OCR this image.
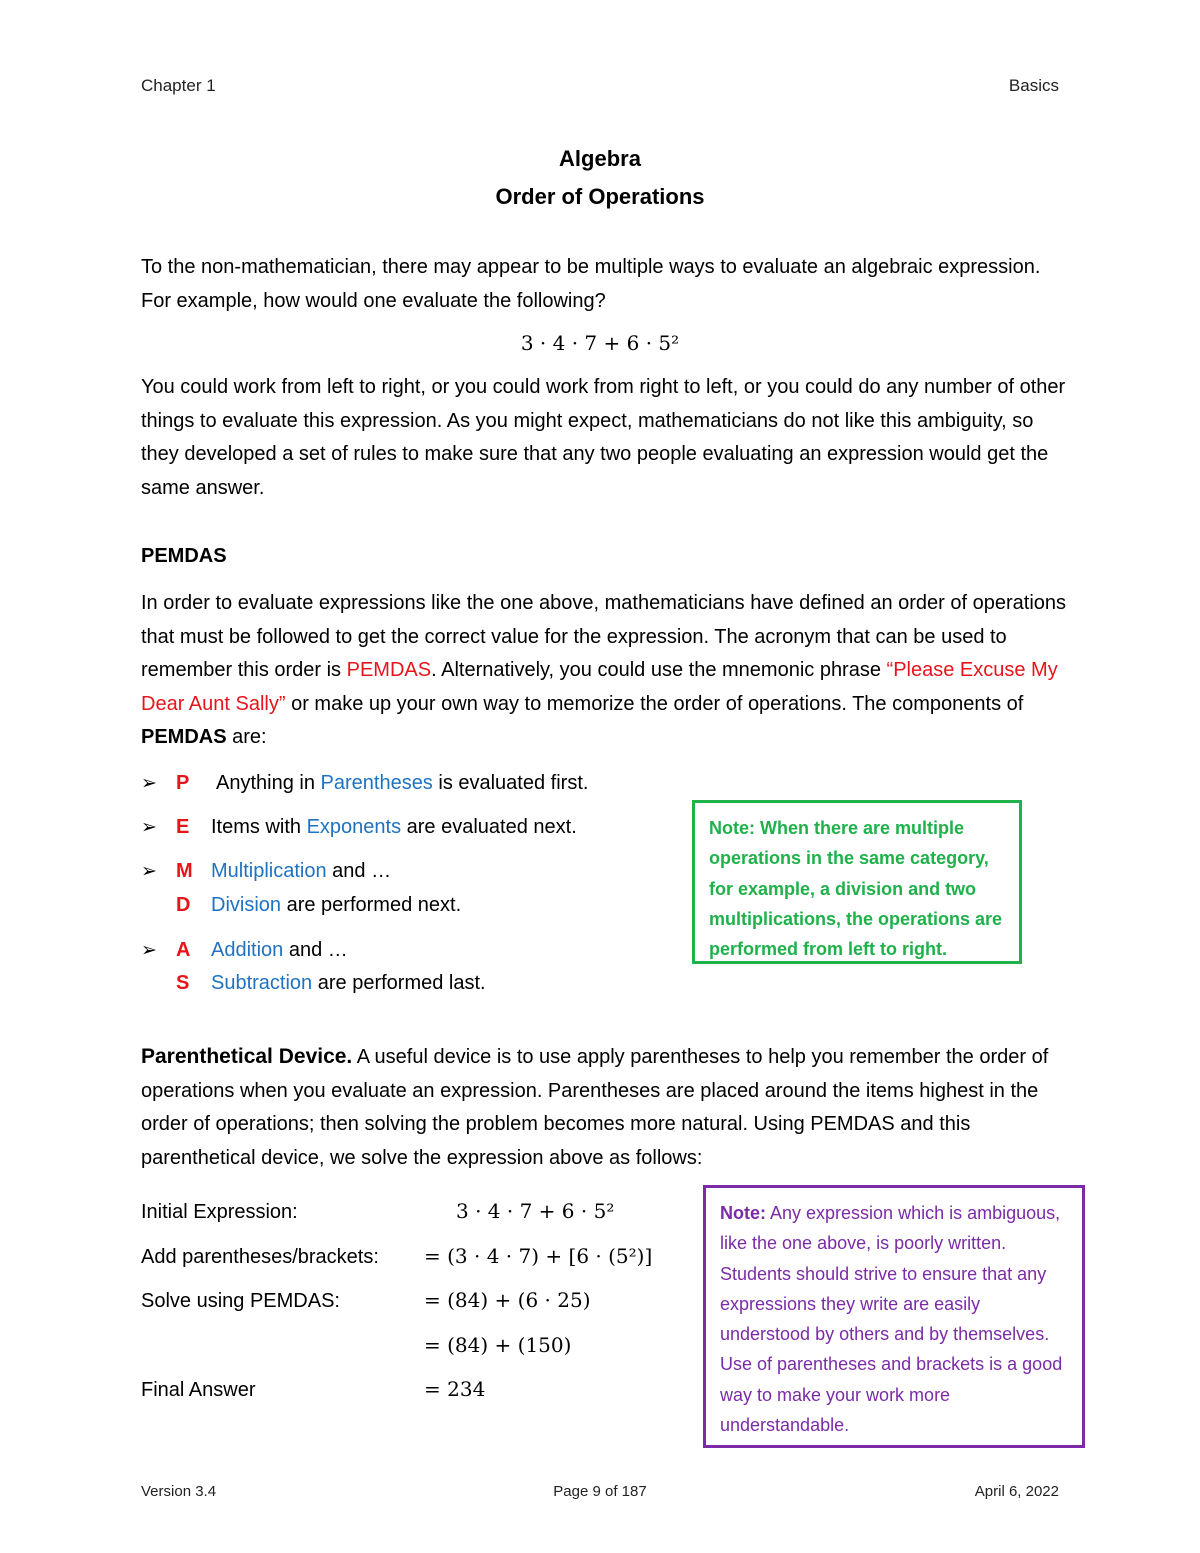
Chapter 1	Basics
Algebra
Order of Operations

To the non-mathematician, there may appear to be multiple ways to evaluate an algebraic expression. For example, how would one evaluate the following?

3 · 4 · 7 + 6 · 5²

You could work from left to right, or you could work from right to left, or you could do any number of other things to evaluate this expression. As you might expect, mathematicians do not like this ambiguity, so they developed a set of rules to make sure that any two people evaluating an expression would get the same answer.

PEMDAS

In order to evaluate expressions like the one above, mathematicians have defined an order of operations that must be followed to get the correct value for the expression. The acronym that can be used to remember this order is PEMDAS. Alternatively, you could use the mnemonic phrase “Please Excuse My Dear Aunt Sally” or make up your own way to memorize the order of operations. The components of PEMDAS are:

➢ P Anything in Parentheses is evaluated first.
➢ E Items with Exponents are evaluated next.
➢ M Multiplication and …
D Division are performed next.
➢ A Addition and …
S Subtraction are performed last.
Note: When there are multiple operations in the same category, for example, a division and two multiplications, the operations are performed from left to right.

Parenthetical Device. A useful device is to use apply parentheses to help you remember the order of operations when you evaluate an expression. Parentheses are placed around the items highest in the order of operations; then solving the problem becomes more natural. Using PEMDAS and this parenthetical device, we solve the expression above as follows:

Initial Expression:	3 · 4 · 7 + 6 · 5²
Add parentheses/brackets: = (3 · 4 · 7) + [6 · (5²)]
Solve using PEMDAS:	= (84) + (6 · 25)
= (84) + (150)
Final Answer	= 234
Note: Any expression which is ambiguous, like the one above, is poorly written. Students should strive to ensure that any expressions they write are easily understood by others and by themselves. Use of parentheses and brackets is a good way to make your work more understandable.
Version 3.4	Page 9 of 187	April 6, 2022
